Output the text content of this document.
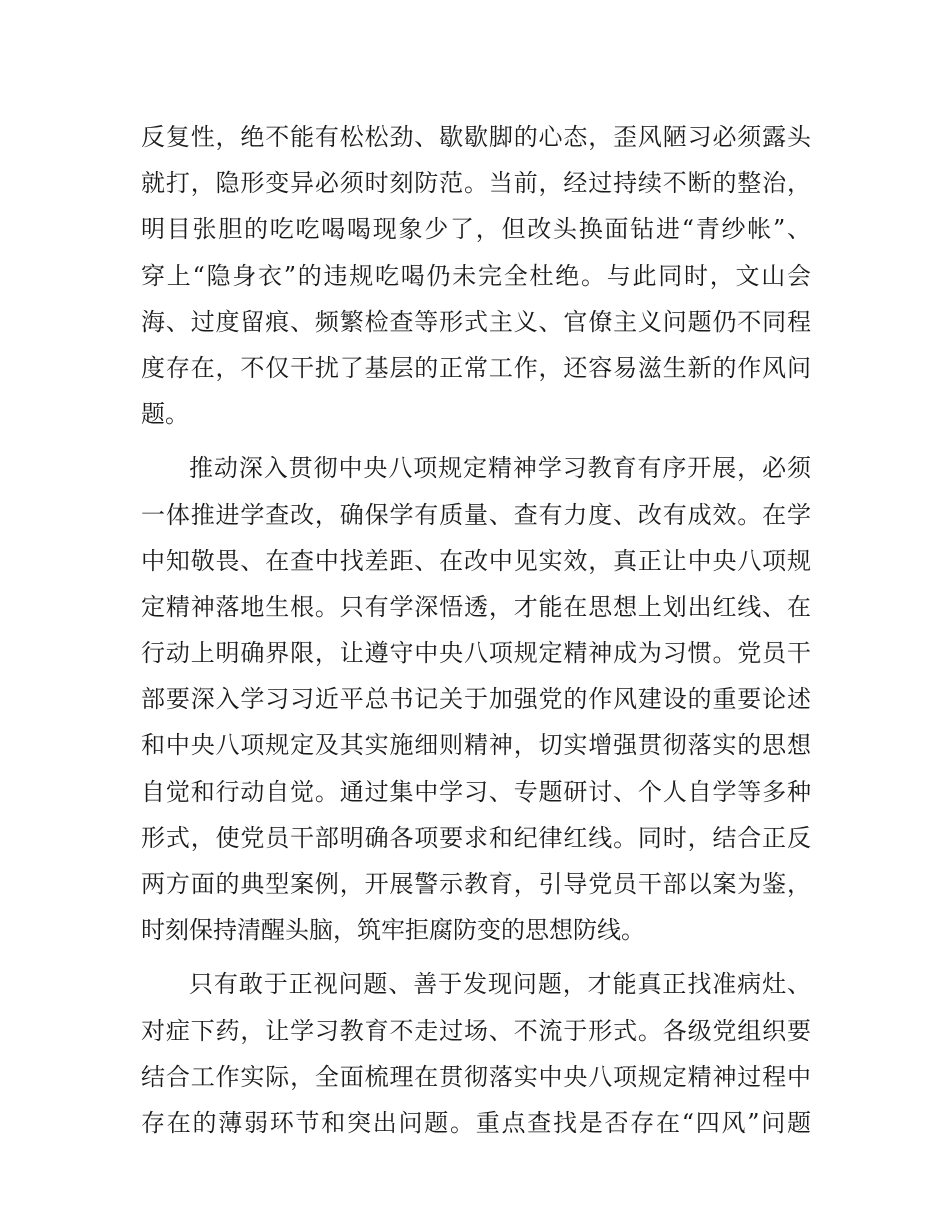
反复性，绝不能有松松劲、歇歇脚的心态，歪风陋习必须露头
就打，隐形变异必须时刻防范。当前，经过持续不断的整治，
明目张胆的吃吃喝喝现象少了，但改头换面钻进“青纱帐”、
穿上“隐身衣”的违规吃喝仍未完全杜绝。与此同时，文山会
海、过度留痕、频繁检查等形式主义、官僚主义问题仍不同程
度存在，不仅干扰了基层的正常工作，还容易滋生新的作风问
题。
推动深入贯彻中央八项规定精神学习教育有序开展，必须
一体推进学查改，确保学有质量、查有力度、改有成效。在学
中知敬畏、在查中找差距、在改中见实效，真正让中央八项规
定精神落地生根。只有学深悟透，才能在思想上划出红线、在
行动上明确界限，让遵守中央八项规定精神成为习惯。党员干
部要深入学习习近平总书记关于加强党的作风建设的重要论述
和中央八项规定及其实施细则精神，切实增强贯彻落实的思想
自觉和行动自觉。通过集中学习、专题研讨、个人自学等多种
形式，使党员干部明确各项要求和纪律红线。同时，结合正反
两方面的典型案例，开展警示教育，引导党员干部以案为鉴，
时刻保持清醒头脑，筑牢拒腐防变的思想防线。
只有敢于正视问题、善于发现问题，才能真正找准病灶、
对症下药，让学习教育不走过场、不流于形式。各级党组织要
结合工作实际，全面梳理在贯彻落实中央八项规定精神过程中
存在的薄弱环节和突出问题。重点查找是否存在“四风”问题
